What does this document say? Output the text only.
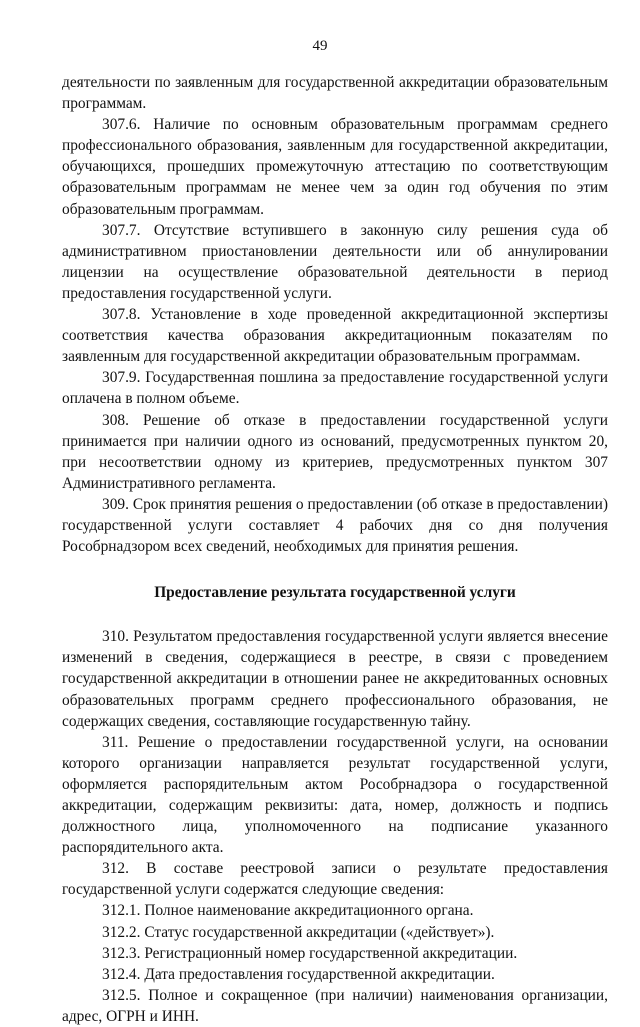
49

деятельности по заявленным для государственной аккредитации образовательным программам.

307.6. Наличие по основным образовательным программам среднего профессионального образования, заявленным для государственной аккредитации, обучающихся, прошедших промежуточную аттестацию по соответствующим образовательным программам не менее чем за один год обучения по этим образовательным программам.

307.7. Отсутствие вступившего в законную силу решения суда об административном приостановлении деятельности или об аннулировании лицензии на осуществление образовательной деятельности в период предоставления государственной услуги.

307.8. Установление в ходе проведенной аккредитационной экспертизы соответствия качества образования аккредитационным показателям по заявленным для государственной аккредитации образовательным программам.

307.9. Государственная пошлина за предоставление государственной услуги оплачена в полном объеме.

308. Решение об отказе в предоставлении государственной услуги принимается при наличии одного из оснований, предусмотренных пунктом 20, при несоответствии одному из критериев, предусмотренных пунктом 307 Административного регламента.

309. Срок принятия решения о предоставлении (об отказе в предоставлении) государственной услуги составляет 4 рабочих дня со дня получения Рособрнадзором всех сведений, необходимых для принятия решения.

Предоставление результата государственной услуги

310. Результатом предоставления государственной услуги является внесение изменений в сведения, содержащиеся в реестре, в связи с проведением государственной аккредитации в отношении ранее не аккредитованных основных образовательных программ среднего профессионального образования, не содержащих сведения, составляющие государственную тайну.

311. Решение о предоставлении государственной услуги, на основании которого организации направляется результат государственной услуги, оформляется распорядительным актом Рособрнадзора о государственной аккредитации, содержащим реквизиты: дата, номер, должность и подпись должностного лица, уполномоченного на подписание указанного распорядительного акта.

312. В составе реестровой записи о результате предоставления государственной услуги содержатся следующие сведения:

312.1. Полное наименование аккредитационного органа.

312.2. Статус государственной аккредитации («действует»).

312.3. Регистрационный номер государственной аккредитации.

312.4. Дата предоставления государственной аккредитации.

312.5. Полное и сокращенное (при наличии) наименования организации, адрес, ОГРН и ИНН.
